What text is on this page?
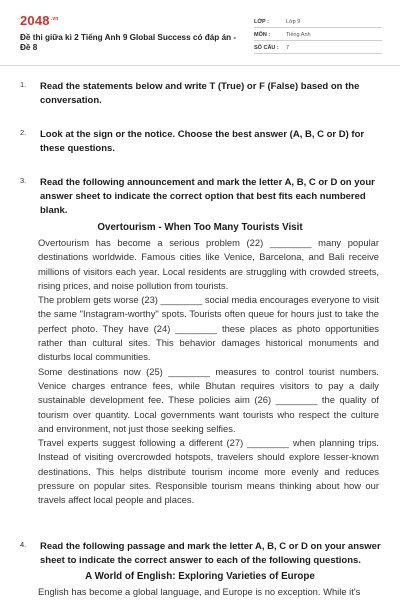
$2048^{.vn}$
Đề thi giữa kì 2 Tiếng Anh 9 Global Success có đáp án - Đề 8
LỚP :	Lớp 9
MÔN :	Tiếng Anh
SỐ CÂU :	7
1. Read the statements below and write T (True) or F (False) based on the conversation.
2. Look at the sign or the notice. Choose the best answer (A, B, C or D) for these questions.
3. Read the following announcement and mark the letter A, B, C or D on your answer sheet to indicate the correct option that best fits each numbered blank.
Overtourism - When Too Many Tourists Visit

Overtourism has become a serious problem (22) ________ many popular destinations worldwide. Famous cities like Venice, Barcelona, and Bali receive millions of visitors each year. Local residents are struggling with crowded streets, rising prices, and noise pollution from tourists.

The problem gets worse (23) ________ social media encourages everyone to visit the same "Instagram-worthy" spots. Tourists often queue for hours just to take the perfect photo. They have (24) ________ these places as photo opportunities rather than cultural sites. This behavior damages historical monuments and disturbs local communities.

Some destinations now (25) ________ measures to control tourist numbers. Venice charges entrance fees, while Bhutan requires visitors to pay a daily sustainable development fee. These policies aim (26) ________ the quality of tourism over quantity. Local governments want tourists who respect the culture and environment, not just those seeking selfies.

Travel experts suggest following a different (27) ________ when planning trips. Instead of visiting overcrowded hotspots, travelers should explore lesser-known destinations. This helps distribute tourism income more evenly and reduces pressure on popular sites. Responsible tourism means thinking about how our travels affect local people and places.

4. Read the following passage and mark the letter A, B, C or D on your answer sheet to indicate the correct answer to each of the following questions.
A World of English: Exploring Varieties of Europe

English has become a global language, and Europe is no exception. While it's
